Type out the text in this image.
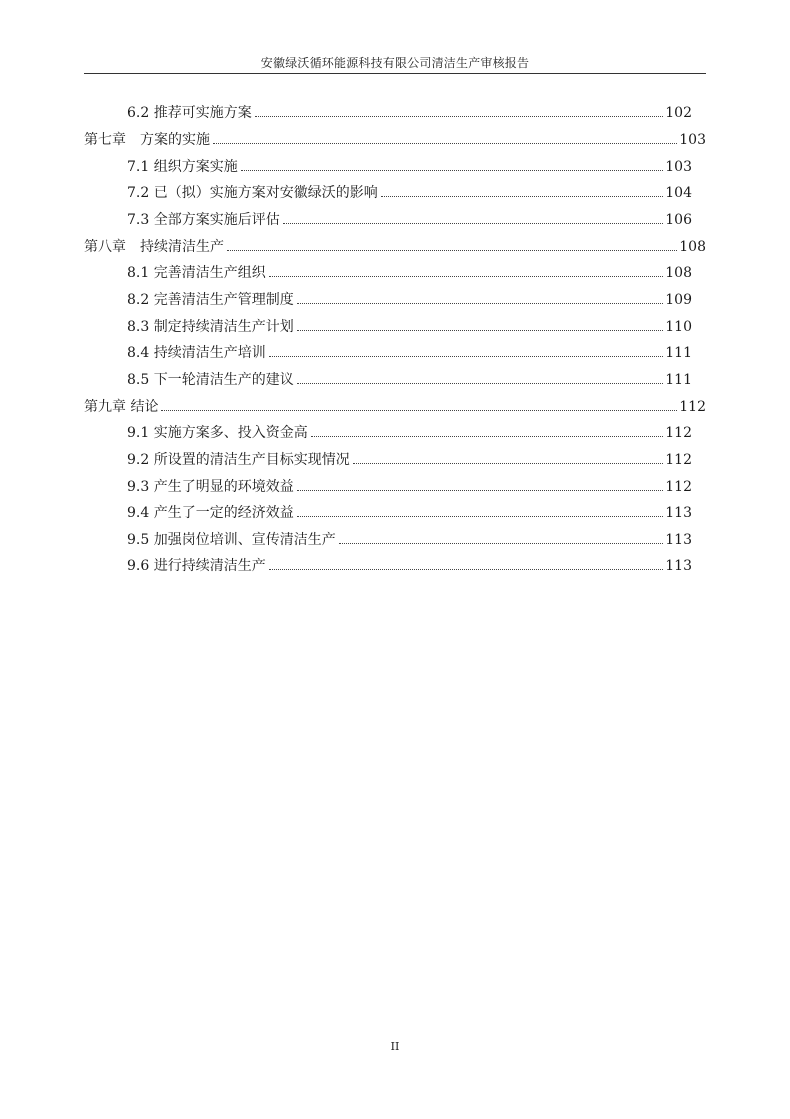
安徽绿沃循环能源科技有限公司清洁生产审核报告
6.2 推荐可实施方案	102
第七章　方案的实施	103
7.1 组织方案实施	103
7.2 已（拟）实施方案对安徽绿沃的影响	104
7.3 全部方案实施后评估	106
第八章　持续清洁生产	108
8.1 完善清洁生产组织	108
8.2 完善清洁生产管理制度	109
8.3 制定持续清洁生产计划	110
8.4 持续清洁生产培训	111
8.5 下一轮清洁生产的建议	111
第九章 结论	112
9.1 实施方案多、投入资金高	112
9.2 所设置的清洁生产目标实现情况	112
9.3 产生了明显的环境效益	112
9.4 产生了一定的经济效益	113
9.5 加强岗位培训、宣传清洁生产	113
9.6 进行持续清洁生产	113
II
